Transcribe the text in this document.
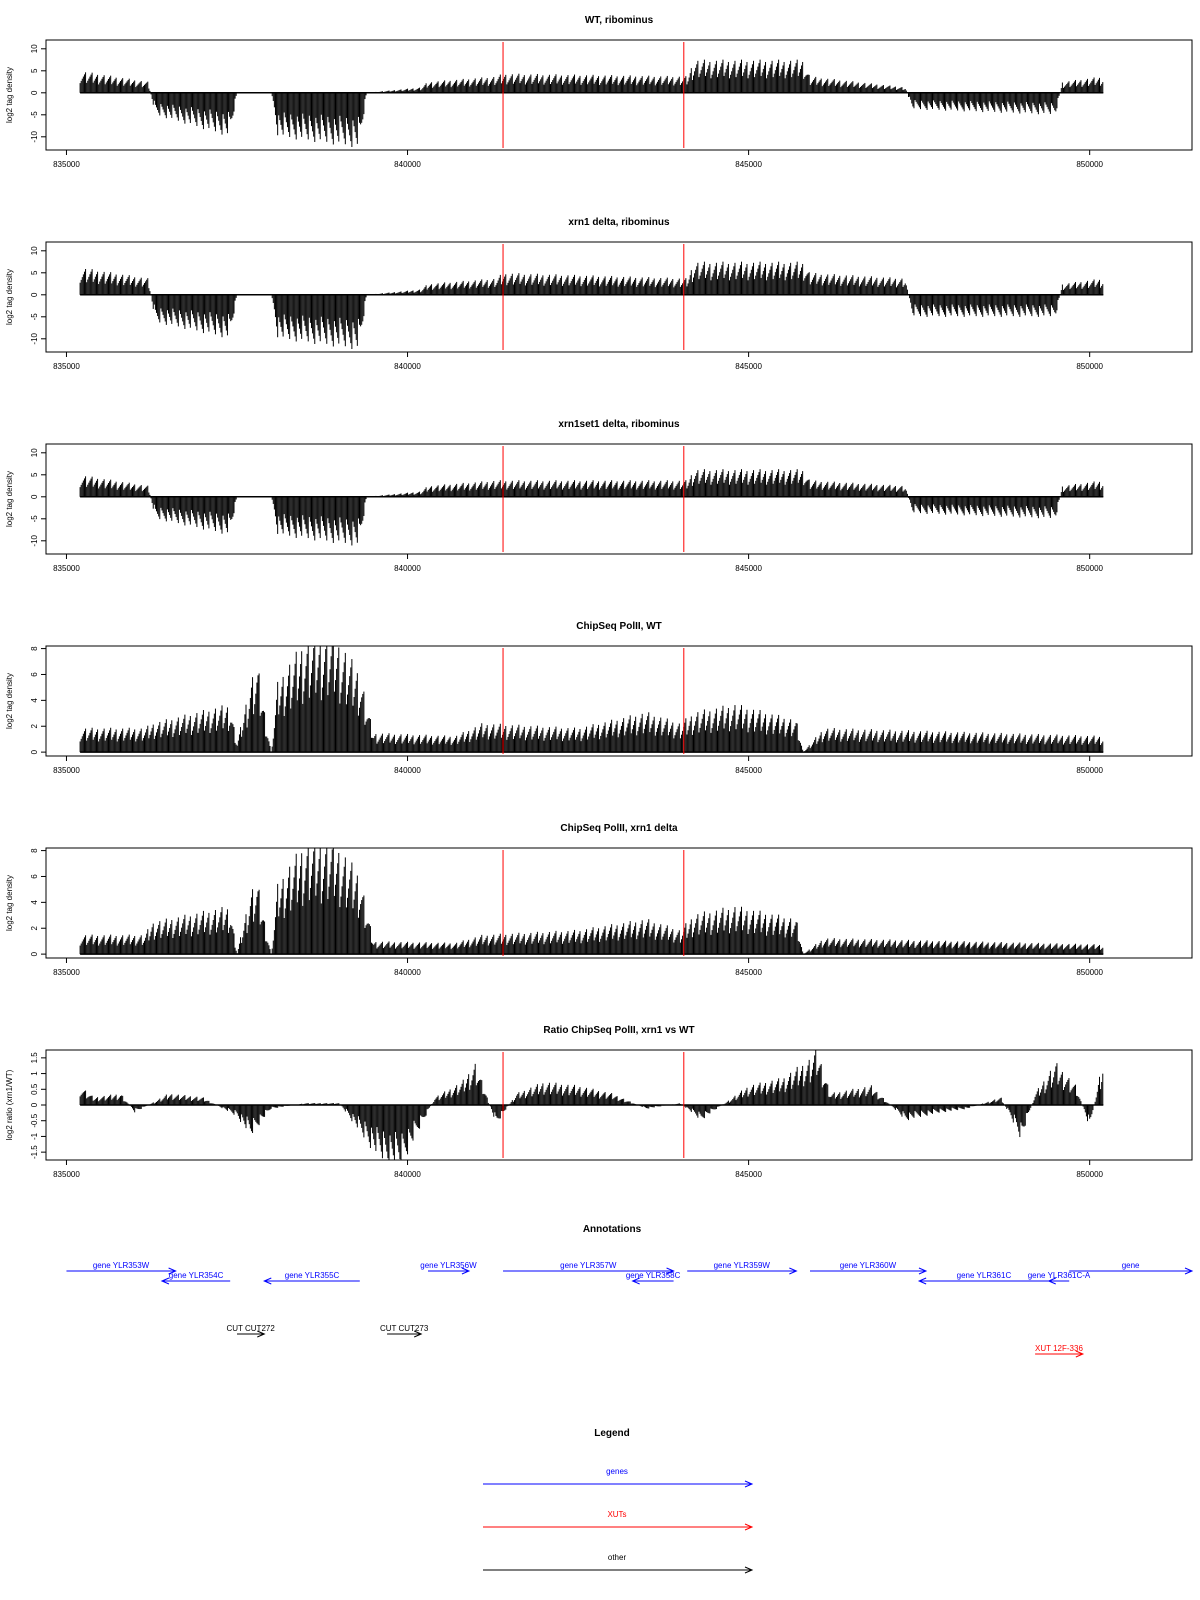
WT, ribominus
10
5
0
-5
-10
log2 tag density
835000	840000	845000	850000
xrn1 delta, ribominus
10
5
0
-5
-10
log2 tag density
835000	840000	845000	850000
xrn1set1 delta, ribominus
10
5
0
-5
-10
log2 tag density
835000	840000	845000	850000
ChipSeq PolII, WT
0
2
4
6
8
log2 tag density
835000	840000	845000	850000
ChipSeq PolII, xrn1 delta
0
2
4
6
8
log2 tag density
835000	840000	845000	850000
Ratio ChipSeq PolII, xrn1 vs WT
1.5
1
0.5
0
-0.5
-1
-1.5
log2 ratio (xrn1/WT)
835000	840000	845000	850000
Annotations
gene YLR353W
gene YLR354C	gene YLR355C
gene YLR356W	gene YLR357W
gene YLR358C
gene YLR359W	gene YLR360W
gene YLR361C gene YLR361C-A
gene
CUT CUT272	CUT CUT273
XUT 12F-336
Legend
genes
XUTs
other
